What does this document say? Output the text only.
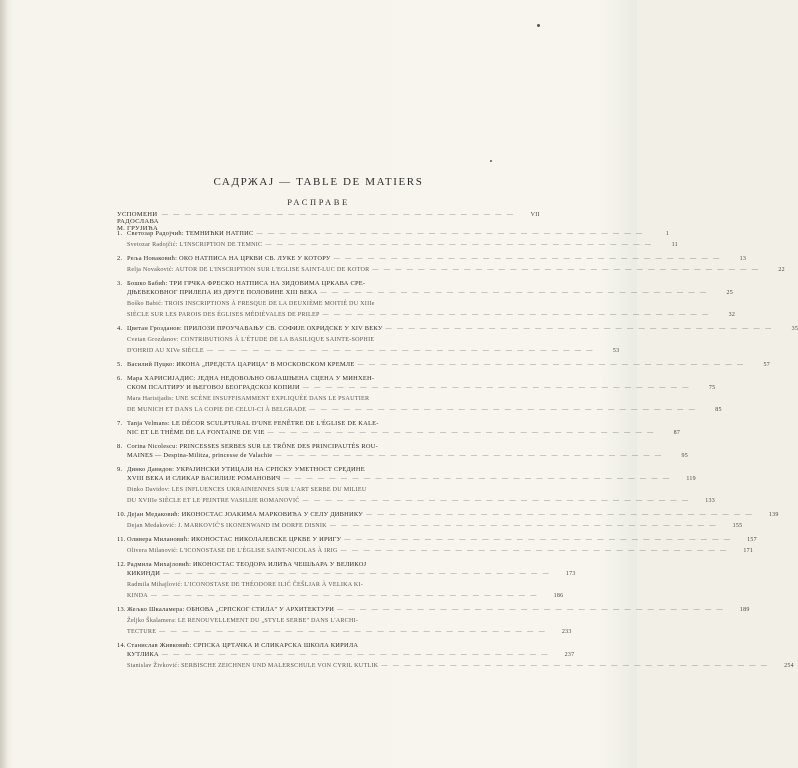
САДРЖАЈ — TABLE DE MATIERS
РАСПРАВЕ
УСПОМЕНИ РАДОСЛАВА М. ГРУЈИЋА
— — — — — — — — — — — — — — — — — — — — — — — — — — — — — — —	VII
1. Светозар Радојчић: ТЕМНИЋКИ НАТПИС — — — — — — — — — — — — — — — — — — — — — — — — — — — — — — — — — —	1
Svetozar Radojčić: L'INSCRIPTION DE TEMNIC — — — — — — — — — — — — — — — — — — — — — — — — — — — — — — — — — —	11
2. Рељa Новаковић: ОКО НАТПИСА НА ЦРКВИ СВ. ЛУКЕ У КОТОРУ — — — — — — — — — — — — — — — — — — — — — — — — — — — — — — — — — —	13
Relja Novaković: AUTOR DE L'INSCRIPTION SUR L'EGLISE SAINT-LUC DE KOTOR — — — — — — — — — — — — — — — — — — — — — — — — — — — — — — — — — —	22
3. Бошко Бабић: ТРИ ГРЧКА ФРЕСКО НАТПИСА НА ЗИДОВИМА ЦРКАВА СРЕ-
ДЊЕВЕКОВНОГ ПРИЛЕПА ИЗ ДРУГЕ ПОЛОВИНЕ XIII ВЕКА — — — — — — — — — — — — — — — — — — — — — — — — — — — — — — — — — —	25
Boško Babić: TROIS INSCRIPTIONS À FRESQUE DE LA DEUXIÈME MOITIÉ DU XIIIe
SIÈCLE SUR LES PAROIS DES ÉGLISES MÉDIÉVALES DE PRILEP — — — — — — — — — — — — — — — — — — — — — — — — — — — — — — — — — —	32
4. Цветан Грозданов: ПРИЛОЗИ ПРОУЧАВАЊУ СВ. СОФИЈЕ ОХРИДСКЕ У XIV ВЕКУ — — — — — — — — — — — — — — — — — — — — — — — — — — — — — — — — — —	35
Cvetan Grozdanov: CONTRIBUTIONS À L'ÉTUDE DE LA BASILIQUE SAINTE-SOPHIE
D'OHRID AU XIVe SIÈCLE — — — — — — — — — — — — — — — — — — — — — — — — — — — — — — — — — —	53
5. Василий Пуцко: ИКОНА „ПРЕДСТА ЦАРИЦА" В МОСКОВСКОМ КРЕМЛЕ — — — — — — — — — — — — — — — — — — — — — — — — — — — — — — — — — —	57
6. Марa ХАРИСИЈАДИС: ЈЕДНА НЕДОВОЉНО ОБЈАШЊЕНА СЦЕНА У МИНХЕН-
СКОМ ПСАЛТИРУ И ЊЕГОВОЈ БЕОГРАДСКОЈ КОПИЈИ — — — — — — — — — — — — — — — — — — — — — — — — — — — — — — — — — —	75
Mara Harisijadis: UNE SCÈNE INSUFFISAMMENT EXPLIQUÉE DANS LE PSAUTIER
DE MUNICH ET DANS LA COPIE DE CELUI-CI À BELGRADE — — — — — — — — — — — — — — — — — — — — — — — — — — — — — — — — — —	85
7. Tanja Velmans: LE DÉCOR SCULPTURAL D'UNE FENÊTRE DE L'ÉGLISE DE KALE-
NIC ET LE THÈME DE LA FONTAINE DE VIE — — — — — — — — — — — — — — — — — — — — — — — — — — — — — — — — — —	87
8. Corina Nicolescu: PRINCESSES SERBES SUR LE TRÔNE DES PRINCIPAUTÉS ROU-
MAINES — Despina-Militza, princesse de Valachie — — — — — — — — — — — — — — — — — — — — — — — — — — — — — — — — — —	95
9. Динко Давидов: УКРАЈИНСКИ УТИЦАЈИ НА СРПСКУ УМЕТНОСТ СРЕДИНЕ
XVIII ВЕКА И СЛИКАР ВАСИЛИЈЕ РОМАНОВИЧ — — — — — — — — — — — — — — — — — — — — — — — — — — — — — — — — — —	119
Dinko Davidov: LES INFLUENCES UKRAINIENNES SUR L'ART SERBE DU MILIEU
DU XVIIIe SIÈCLE ET LE PEINTRE VASILIJE ROMANOVIĆ — — — — — — — — — — — — — — — — — — — — — — — — — — — — — — — — — —	133
10. Дејан Медаковић: ИКОНОСТАС ЈОАКИМА МАРКОВИЋА У СЕЛУ ДИВНИКУ — — — — — — — — — — — — — — — — — — — — — — — — — — — — — — — — — —	139
Dejan Medaković: J. MARKOVIĆ'S IKONENWAND IM DORFE DISNIK — — — — — — — — — — — — — — — — — — — — — — — — — — — — — — — — — —	155
11. Оливера Милановић: ИКОНОСТАС НИКОЛАЈЕВСКЕ ЦРКВЕ У ИРИГУ — — — — — — — — — — — — — — — — — — — — — — — — — — — — — — — — — —	157
Olivera Milanović: L'ICONOSTASE DE L'ÉGLISE SAINT-NICOLAS À IRIG — — — — — — — — — — — — — — — — — — — — — — — — — — — — — — — — — —	171
12. Радмила Михајловић: ИКОНОСТАС ТЕОДОРА ИЛИЋА ЧЕШЉАРА У ВЕЛИКОЈ
КИКИНДИ — — — — — — — — — — — — — — — — — — — — — — — — — — — — — — — — — —	173
Radmila Mihajlović: L'ICONOSTASE DE THÉODORE ILIĆ ČEŠLJAR À VELIKA KI-
KINDA — — — — — — — — — — — — — — — — — — — — — — — — — — — — — — — — — —	186
13. Жељко Шкаламера: ОБНОВА „СРПСКОГ СТИЛА" У АРХИТЕКТУРИ — — — — — — — — — — — — — — — — — — — — — — — — — — — — — — — — — —	189
Željko Škalamera: LE RENOUVELLEMENT DU „STYLE SERBE" DANS L'ARCHI-
TECTURE — — — — — — — — — — — — — — — — — — — — — — — — — — — — — — — — — —	233
14. Станислав Живковић: СРПСКА ЦРТАЧКА И СЛИКАРСКА ШКОЛА КИРИЛА
КУТЛИКА — — — — — — — — — — — — — — — — — — — — — — — — — — — — — — — — — —	237
Stanislav Živković: SERBISCHE ZEICHNEN UND MALERSCHULE VON CYRIL KUTLIK — — — — — — — — — — — — — — — — — — — — — — — — — — — — — — — — — —	254
